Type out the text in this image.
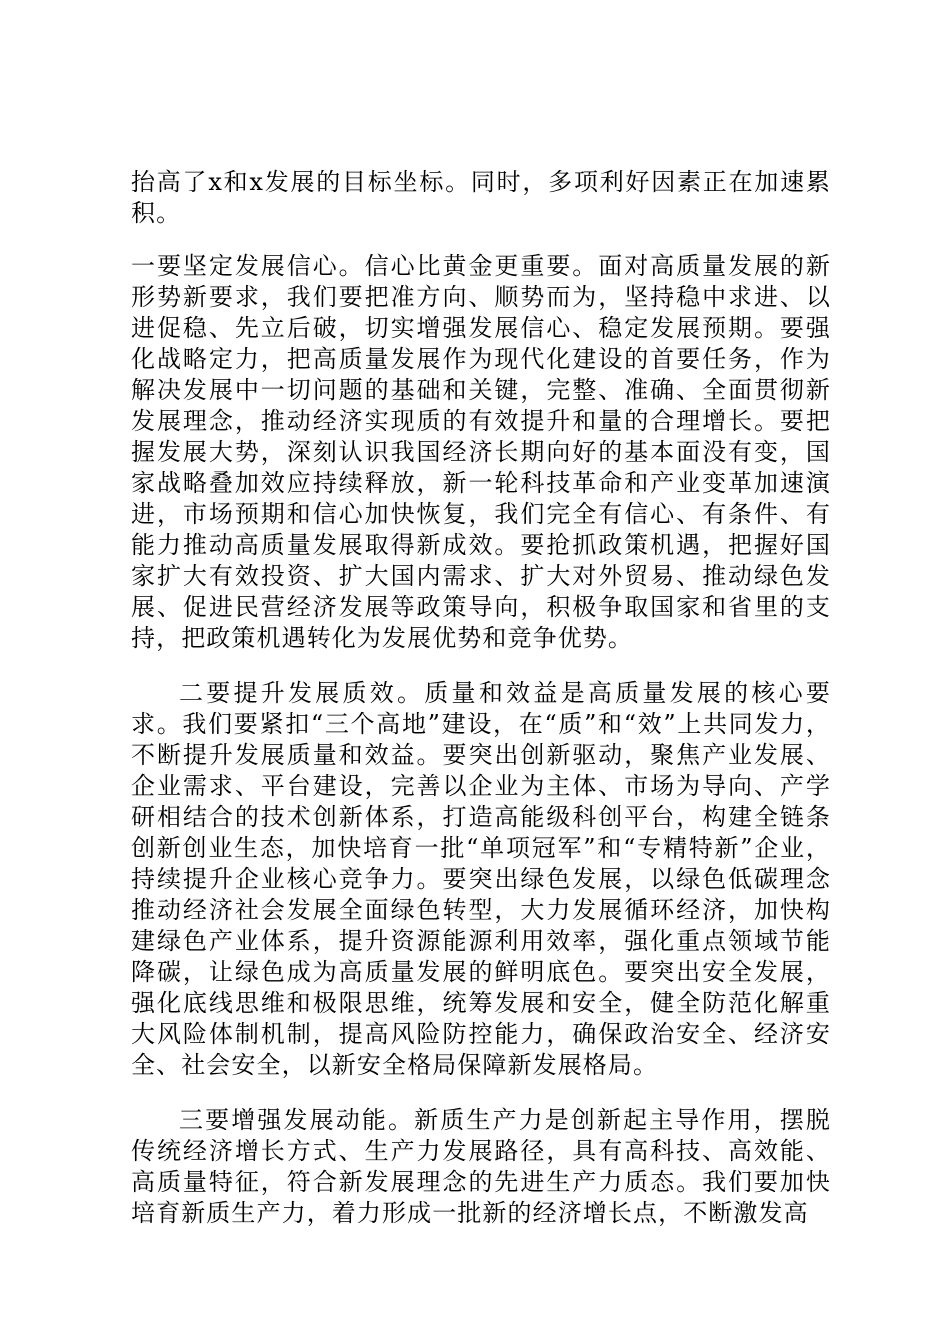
抬高了x和x发展的目标坐标。同时，多项利好因素正在加速累积。

一要坚定发展信心。信心比黄金更重要。面对高质量发展的新形势新要求，我们要把准方向、顺势而为，坚持稳中求进、以进促稳、先立后破，切实增强发展信心、稳定发展预期。要强化战略定力，把高质量发展作为现代化建设的首要任务，作为解决发展中一切问题的基础和关键，完整、准确、全面贯彻新发展理念，推动经济实现质的有效提升和量的合理增长。要把握发展大势，深刻认识我国经济长期向好的基本面没有变，国家战略叠加效应持续释放，新一轮科技革命和产业变革加速演进，市场预期和信心加快恢复，我们完全有信心、有条件、有能力推动高质量发展取得新成效。要抢抓政策机遇，把握好国家扩大有效投资、扩大国内需求、扩大对外贸易、推动绿色发展、促进民营经济发展等政策导向，积极争取国家和省里的支持，把政策机遇转化为发展优势和竞争优势。

二要提升发展质效。质量和效益是高质量发展的核心要求。我们要紧扣“三个高地”建设，在“质”和“效”上共同发力，不断提升发展质量和效益。要突出创新驱动，聚焦产业发展、企业需求、平台建设，完善以企业为主体、市场为导向、产学研相结合的技术创新体系，打造高能级科创平台，构建全链条创新创业生态，加快培育一批“单项冠军”和“专精特新”企业，持续提升企业核心竞争力。要突出绿色发展，以绿色低碳理念推动经济社会发展全面绿色转型，大力发展循环经济，加快构建绿色产业体系，提升资源能源利用效率，强化重点领域节能降碳，让绿色成为高质量发展的鲜明底色。要突出安全发展，强化底线思维和极限思维，统筹发展和安全，健全防范化解重大风险体制机制，提高风险防控能力，确保政治安全、经济安全、社会安全，以新安全格局保障新发展格局。

三要增强发展动能。新质生产力是创新起主导作用，摆脱传统经济增长方式、生产力发展路径，具有高科技、高效能、高质量特征，符合新发展理念的先进生产力质态。我们要加快培育新质生产力，着力形成一批新的经济增长点，不断激发高
